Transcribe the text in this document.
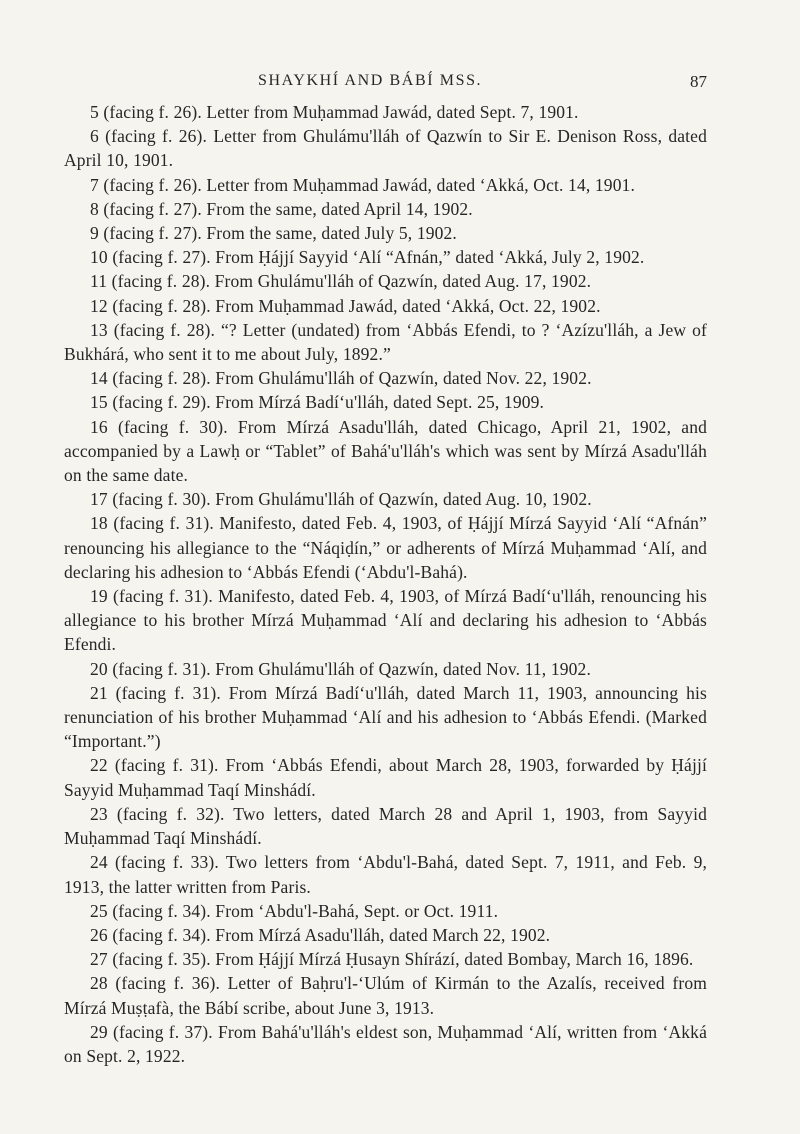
SHAYKHÍ AND BÁBÍ MSS.	87

5 (facing f. 26). Letter from Muḥammad Jawád, dated Sept. 7, 1901.

6 (facing f. 26). Letter from Ghulámu'lláh of Qazwín to Sir E. Denison Ross, dated April 10, 1901.

7 (facing f. 26). Letter from Muḥammad Jawád, dated ‘Akká, Oct. 14, 1901.

8 (facing f. 27). From the same, dated April 14, 1902.

9 (facing f. 27). From the same, dated July 5, 1902.

10 (facing f. 27). From Ḥájjí Sayyid ‘Alí “Afnán,” dated ‘Akká, July 2, 1902.

11 (facing f. 28). From Ghulámu'lláh of Qazwín, dated Aug. 17, 1902.

12 (facing f. 28). From Muḥammad Jawád, dated ‘Akká, Oct. 22, 1902.

13 (facing f. 28). “? Letter (undated) from ‘Abbás Efendi, to ? ‘Azízu'lláh, a Jew of Bukhárá, who sent it to me about July, 1892.”

14 (facing f. 28). From Ghulámu'lláh of Qazwín, dated Nov. 22, 1902.

15 (facing f. 29). From Mírzá Badí‘u'lláh, dated Sept. 25, 1909.

16 (facing f. 30). From Mírzá Asadu'lláh, dated Chicago, April 21, 1902, and accompanied by a Lawḥ or “Tablet” of Bahá'u'lláh's which was sent by Mírzá Asadu'lláh on the same date.

17 (facing f. 30). From Ghulámu'lláh of Qazwín, dated Aug. 10, 1902.

18 (facing f. 31). Manifesto, dated Feb. 4, 1903, of Ḥájjí Mírzá Sayyid ‘Alí “Afnán” renouncing his allegiance to the “Náqiḍín,” or adherents of Mírzá Muḥammad ‘Alí, and declaring his adhesion to ‘Abbás Efendi (‘Abdu'l-Bahá).

19 (facing f. 31). Manifesto, dated Feb. 4, 1903, of Mírzá Badí‘u'lláh, renouncing his allegiance to his brother Mírzá Muḥammad ‘Alí and declaring his adhesion to ‘Abbás Efendi.

20 (facing f. 31). From Ghulámu'lláh of Qazwín, dated Nov. 11, 1902.

21 (facing f. 31). From Mírzá Badí‘u'lláh, dated March 11, 1903, announcing his renunciation of his brother Muḥammad ‘Alí and his adhesion to ‘Abbás Efendi. (Marked “Important.”)

22 (facing f. 31). From ‘Abbás Efendi, about March 28, 1903, forwarded by Ḥájjí Sayyid Muḥammad Taqí Minshádí.

23 (facing f. 32). Two letters, dated March 28 and April 1, 1903, from Sayyid Muḥammad Taqí Minshádí.

24 (facing f. 33). Two letters from ‘Abdu'l-Bahá, dated Sept. 7, 1911, and Feb. 9, 1913, the latter written from Paris.

25 (facing f. 34). From ‘Abdu'l-Bahá, Sept. or Oct. 1911.

26 (facing f. 34). From Mírzá Asadu'lláh, dated March 22, 1902.

27 (facing f. 35). From Ḥájjí Mírzá Ḥusayn Shírází, dated Bombay, March 16, 1896.

28 (facing f. 36). Letter of Baḥru'l-‘Ulúm of Kirmán to the Azalís, received from Mírzá Muṣṭafà, the Bábí scribe, about June 3, 1913.

29 (facing f. 37). From Bahá'u'lláh's eldest son, Muḥammad ‘Alí, written from ‘Akká on Sept. 2, 1922.
